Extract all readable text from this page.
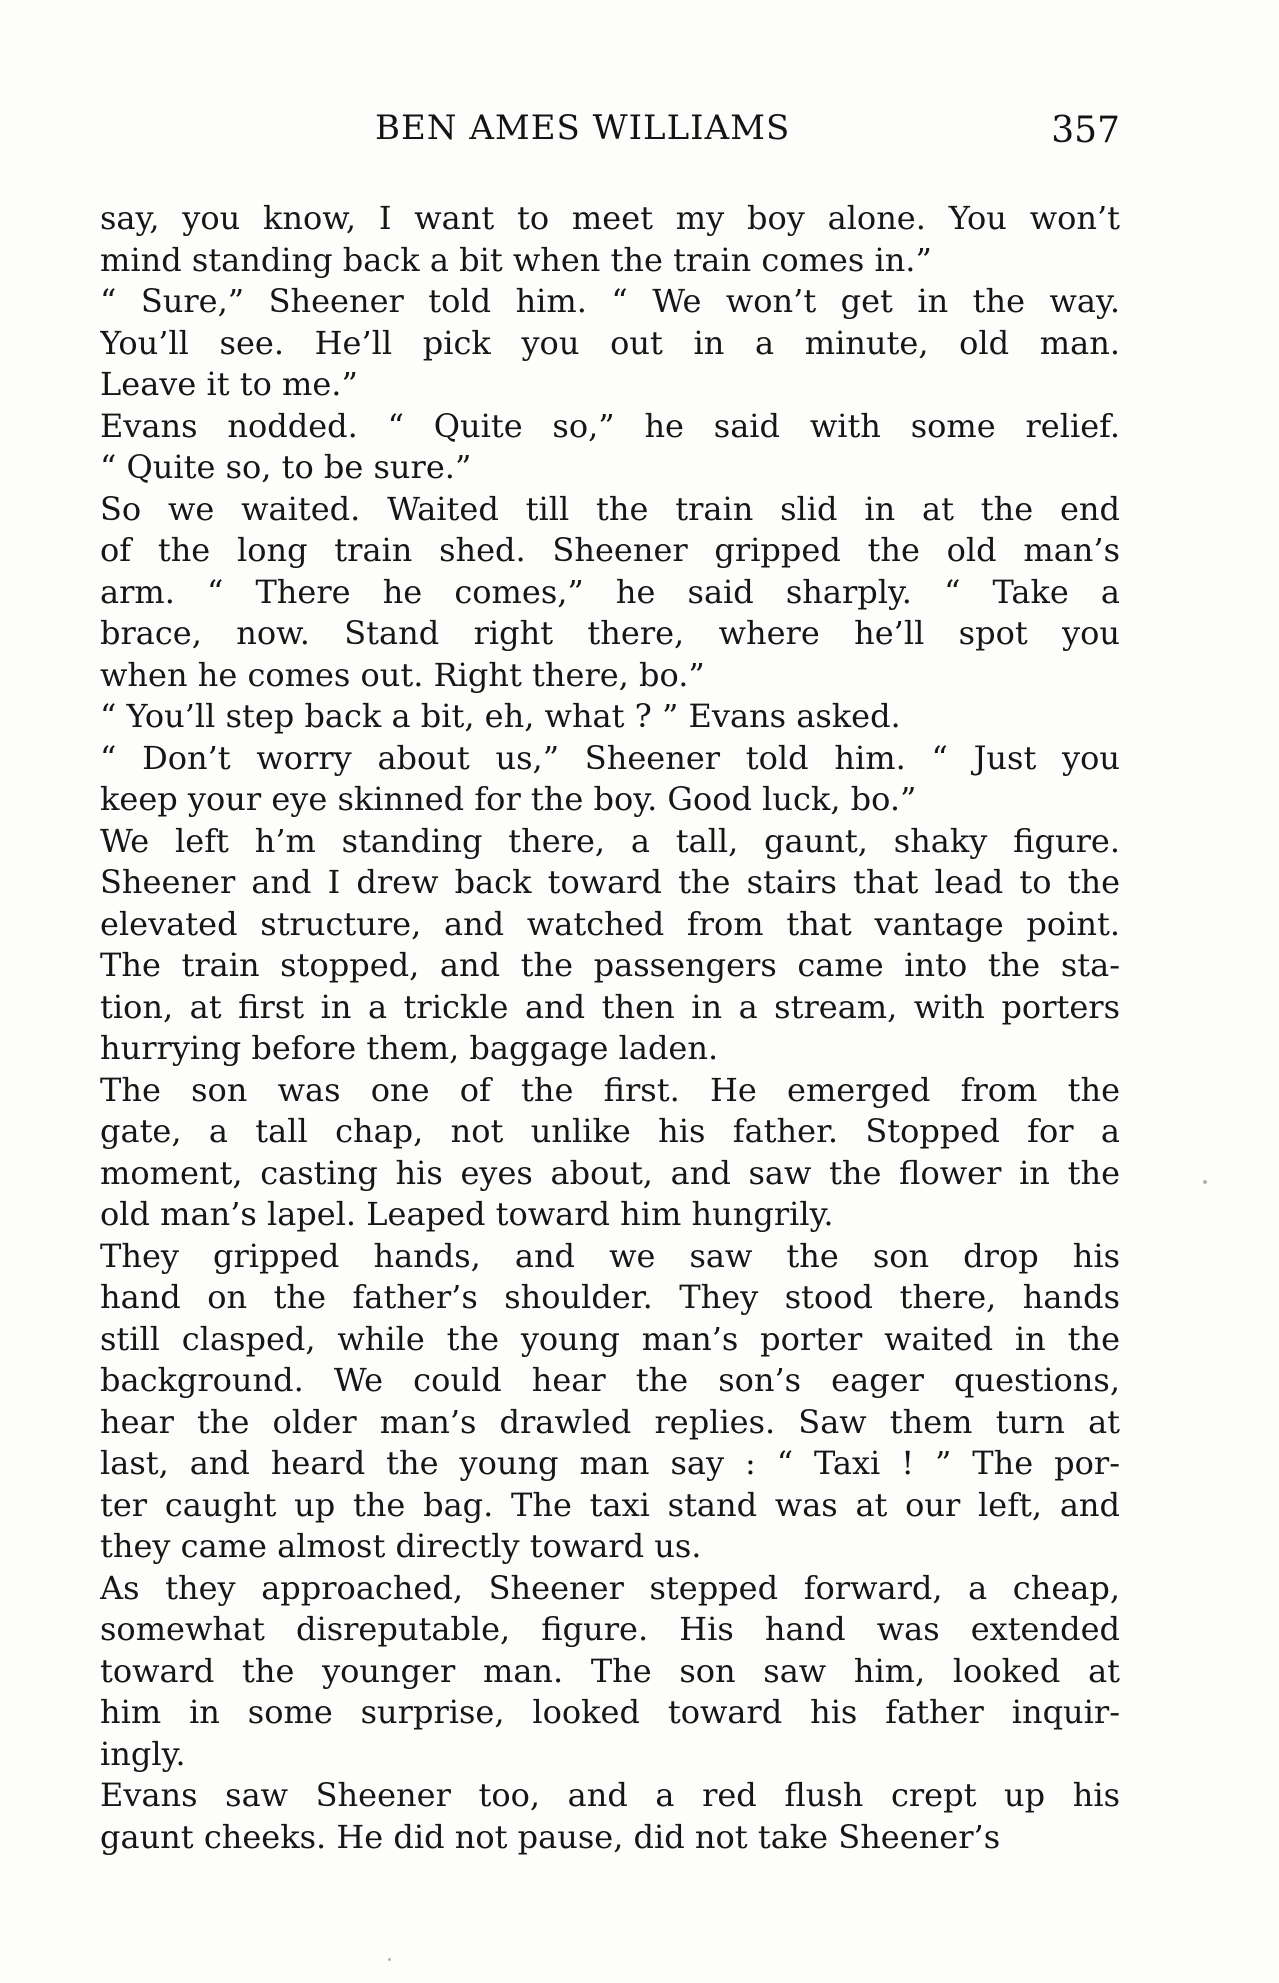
BEN AMES WILLIAMS	357
say, you know, I want to meet my boy alone. You won’t
mind standing back a bit when the train comes in.”
“ Sure,” Sheener told him. “ We won’t get in the way.
You’ll see. He’ll pick you out in a minute, old man.
Leave it to me.”
Evans nodded. “ Quite so,” he said with some relief.
“ Quite so, to be sure.”
So we waited. Waited till the train slid in at the end
of the long train shed. Sheener gripped the old man’s
arm. “ There he comes,” he said sharply. “ Take a
brace, now. Stand right there, where he’ll spot you
when he comes out. Right there, bo.”
“ You’ll step back a bit, eh, what ? ” Evans asked.
“ Don’t worry about us,” Sheener told him. “ Just you
keep your eye skinned for the boy. Good luck, bo.”
We left h’m standing there, a tall, gaunt, shaky figure.
Sheener and I drew back toward the stairs that lead to the
elevated structure, and watched from that vantage point.
The train stopped, and the passengers came into the sta-
tion, at first in a trickle and then in a stream, with porters
hurrying before them, baggage laden.
The son was one of the first. He emerged from the
gate, a tall chap, not unlike his father. Stopped for a
moment, casting his eyes about, and saw the flower in the
old man’s lapel. Leaped toward him hungrily.
They gripped hands, and we saw the son drop his
hand on the father’s shoulder. They stood there, hands
still clasped, while the young man’s porter waited in the
background. We could hear the son’s eager questions,
hear the older man’s drawled replies. Saw them turn at
last, and heard the young man say : “ Taxi ! ” The por-
ter caught up the bag. The taxi stand was at our left, and
they came almost directly toward us.
As they approached, Sheener stepped forward, a cheap,
somewhat disreputable, figure. His hand was extended
toward the younger man. The son saw him, looked at
him in some surprise, looked toward his father inquir-
ingly.
Evans saw Sheener too, and a red flush crept up his
gaunt cheeks. He did not pause, did not take Sheener’s
